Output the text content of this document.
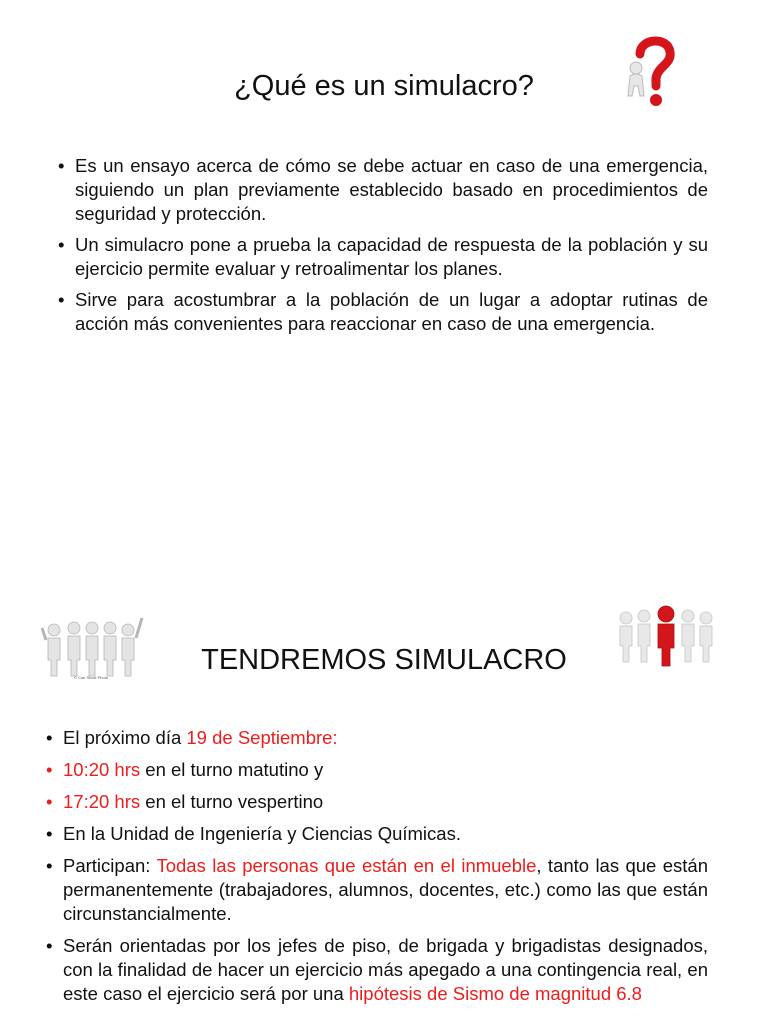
¿Qué es un simulacro?
• Es un ensayo acerca de cómo se debe actuar en caso de una emergencia, siguiendo un plan previamente establecido basado en procedimientos de seguridad y protección.
• Un simulacro pone a prueba la capacidad de respuesta de la población y su ejercicio permite evaluar y retroalimentar los planes.
• Sirve para acostumbrar a la población de un lugar a adoptar rutinas de acción más convenientes para reaccionar en caso de una emergencia.
© Can Stock Photo
TENDREMOS SIMULACRO
• El próximo día 19 de Septiembre:
• 10:20 hrs en el turno matutino y
• 17:20 hrs en el turno vespertino
• En la Unidad de Ingeniería y Ciencias Químicas.
• Participan: Todas las personas que están en el inmueble, tanto las que están permanentemente (trabajadores, alumnos, docentes, etc.) como las que están circunstancialmente.
• Serán orientadas por los jefes de piso, de brigada y brigadistas designados, con la finalidad de hacer un ejercicio más apegado a una contingencia real, en este caso el ejercicio será por una hipótesis de Sismo de magnitud 6.8
